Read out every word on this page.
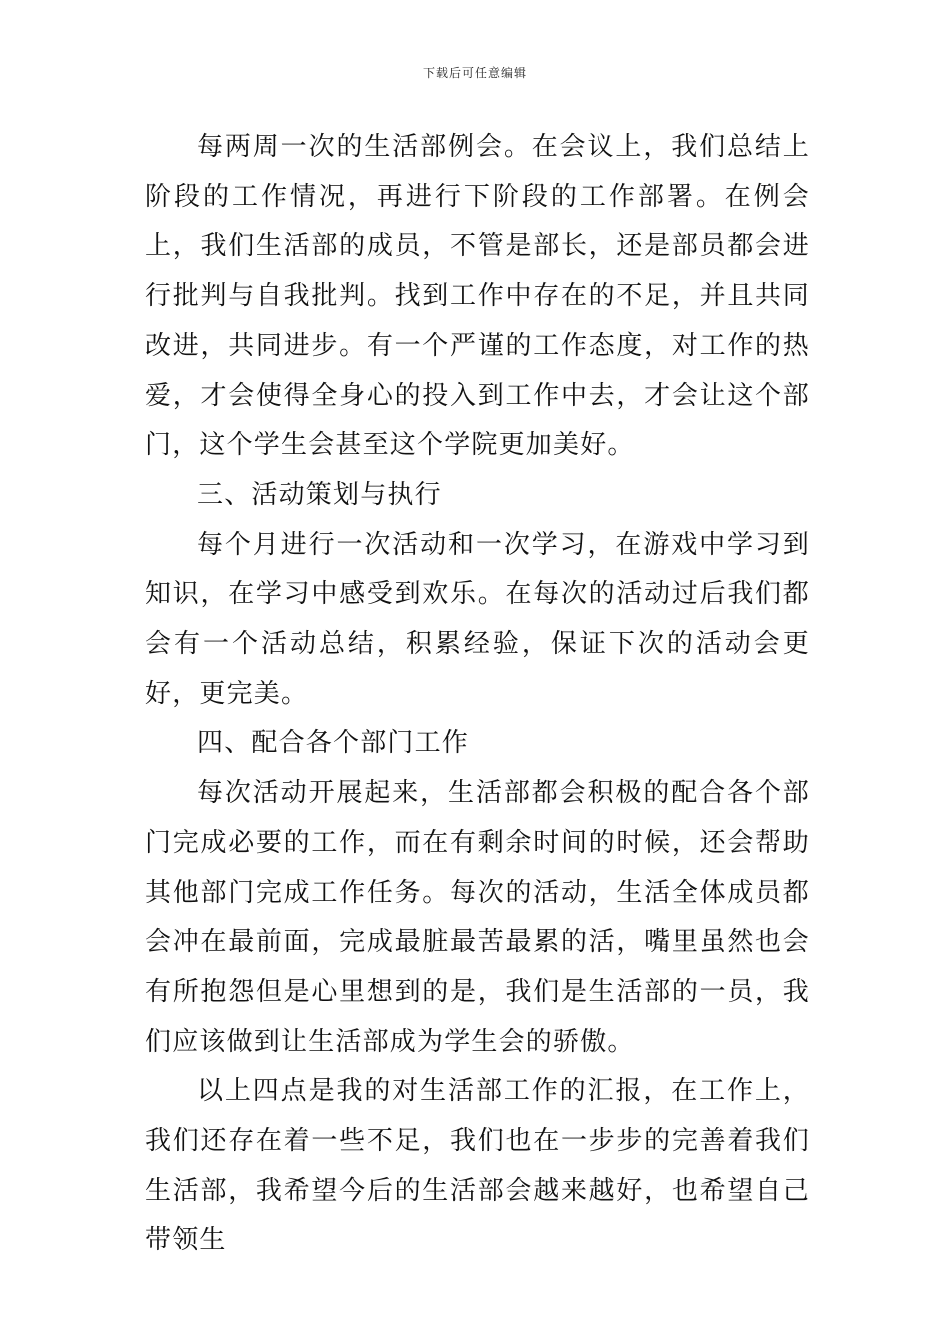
下载后可任意编辑

每两周一次的生活部例会。在会议上，我们总结上阶段的工作情况，再进行下阶段的工作部署。在例会上，我们生活部的成员，不管是部长，还是部员都会进行批判与自我批判。找到工作中存在的不足，并且共同改进，共同进步。有一个严谨的工作态度，对工作的热爱，才会使得全身心的投入到工作中去，才会让这个部门，这个学生会甚至这个学院更加美好。

三、活动策划与执行

每个月进行一次活动和一次学习，在游戏中学习到知识，在学习中感受到欢乐。在每次的活动过后我们都会有一个活动总结，积累经验，保证下次的活动会更好，更完美。

四、配合各个部门工作

每次活动开展起来，生活部都会积极的配合各个部门完成必要的工作，而在有剩余时间的时候，还会帮助其他部门完成工作任务。每次的活动，生活全体成员都会冲在最前面，完成最脏最苦最累的活，嘴里虽然也会有所抱怨但是心里想到的是，我们是生活部的一员，我们应该做到让生活部成为学生会的骄傲。

以上四点是我的对生活部工作的汇报，在工作上，我们还存在着一些不足，我们也在一步步的完善着我们生活部，我希望今后的生活部会越来越好，也希望自己带领生
